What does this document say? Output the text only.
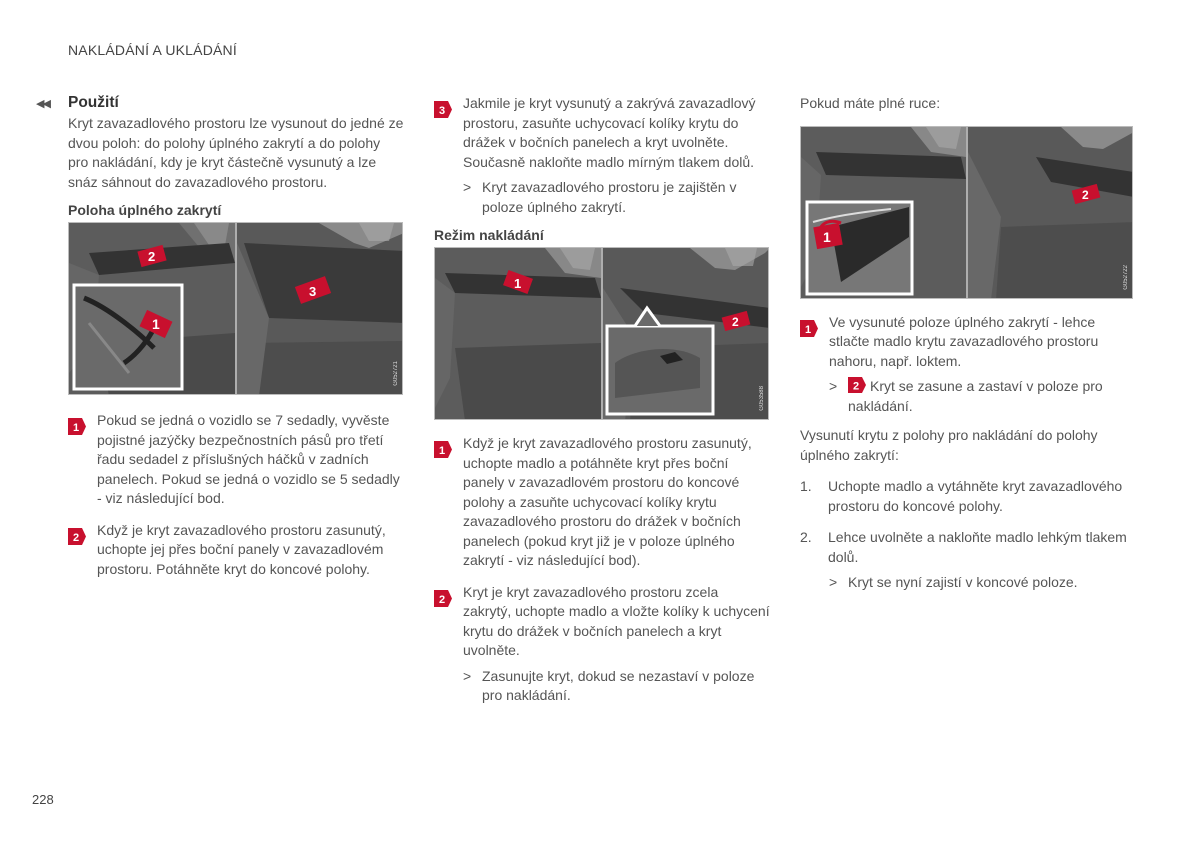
NAKLÁDÁNÍ A UKLÁDÁNÍ
◀◀ Použití

Kryt zavazadlového prostoru lze vysunout do jedné ze dvou poloh: do polohy úplného zakrytí a do polohy pro nakládání, kdy je kryt částečně vysunutý a lze snáz sáhnout do zavazadlového prostoru.

Poloha úplného zakrytí
1
2
3
G052721
1 Pokud se jedná o vozidlo se 7 sedadly, vyvěste pojistné jazýčky bezpečnostních pásů pro třetí řadu sedadel z příslušných háčků v zadních panelech. Pokud se jedná o vozidlo se 5 sedadly - viz následující bod.
2 Když je kryt zavazadlového prostoru zasunutý, uchopte jej přes boční panely v zavazadlovém prostoru. Potáhněte kryt do koncové polohy.
3 Jakmile je kryt vysunutý a zakrývá zavazadlový prostoru, zasuňte uchycovací kolíky krytu do drážek v bočních panelech a kryt uvolněte. Současně nakloňte madlo mírným tlakem dolů.
> Kryt zavazadlového prostoru je zajištěn v poloze úplného zakrytí.
Režim nakládání
1
2
G053588
1 Když je kryt zavazadlového prostoru zasunutý, uchopte madlo a potáhněte kryt přes boční panely v zavazadlovém prostoru do koncové polohy a zasuňte uchycovací kolíky krytu zavazadlového prostoru do drážek v bočních panelech (pokud kryt již je v poloze úplného zakrytí - viz následující bod).
2 Kryt je kryt zavazadlového prostoru zcela zakrytý, uchopte madlo a vložte kolíky k uchycení krytu do drážek v bočních panelech a kryt uvolněte.
> Zasunujte kryt, dokud se nezastaví v poloze pro nakládání.

Pokud máte plné ruce:

1
2
G052722
1 Ve vysunuté poloze úplného zakrytí - lehce stlačte madlo krytu zavazadlového prostoru nahoru, např. loktem.
> 2 Kryt se zasune a zastaví v poloze pro nakládání.

Vysunutí krytu z polohy pro nakládání do polohy úplného zakrytí:

1. Uchopte madlo a vytáhněte kryt zavazadlového prostoru do koncové polohy.
2. Lehce uvolněte a nakloňte madlo lehkým tlakem dolů.
> Kryt se nyní zajistí v koncové poloze.
228
